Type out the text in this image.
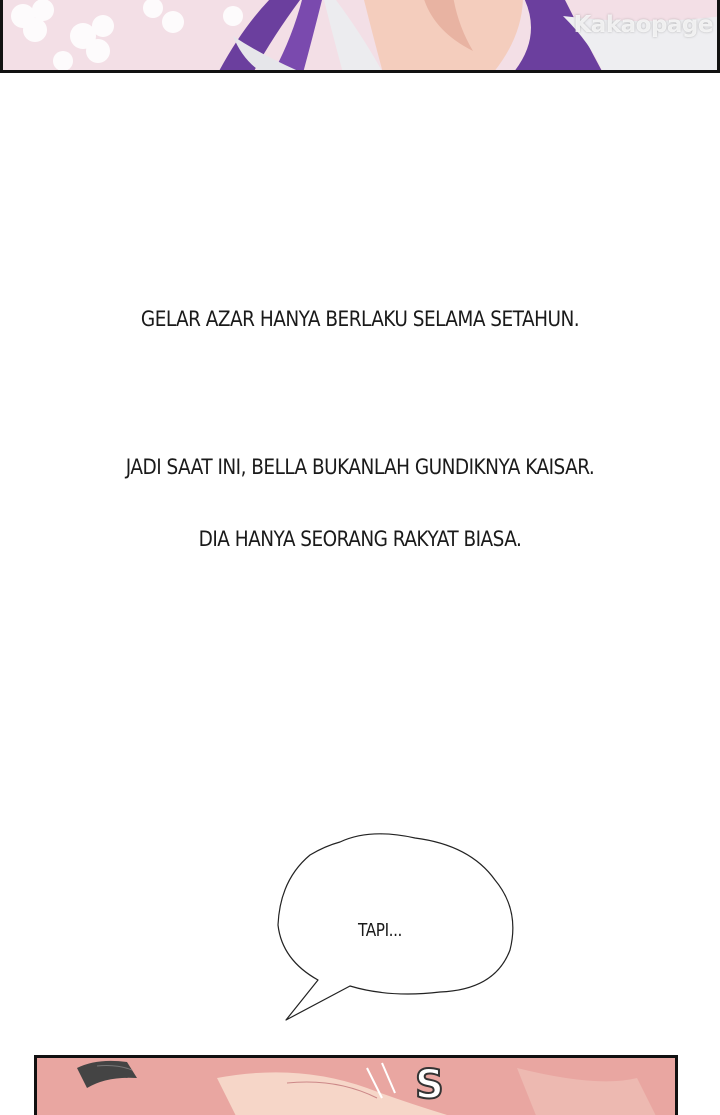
Kakaopage
GELAR AZAR HANYA BERLAKU SELAMA SETAHUN.
JADI SAAT INI, BELLA BUKANLAH GUNDIKNYA KAISAR.
DIA HANYA SEORANG RAKYAT BIASA.
TAPI...
S
